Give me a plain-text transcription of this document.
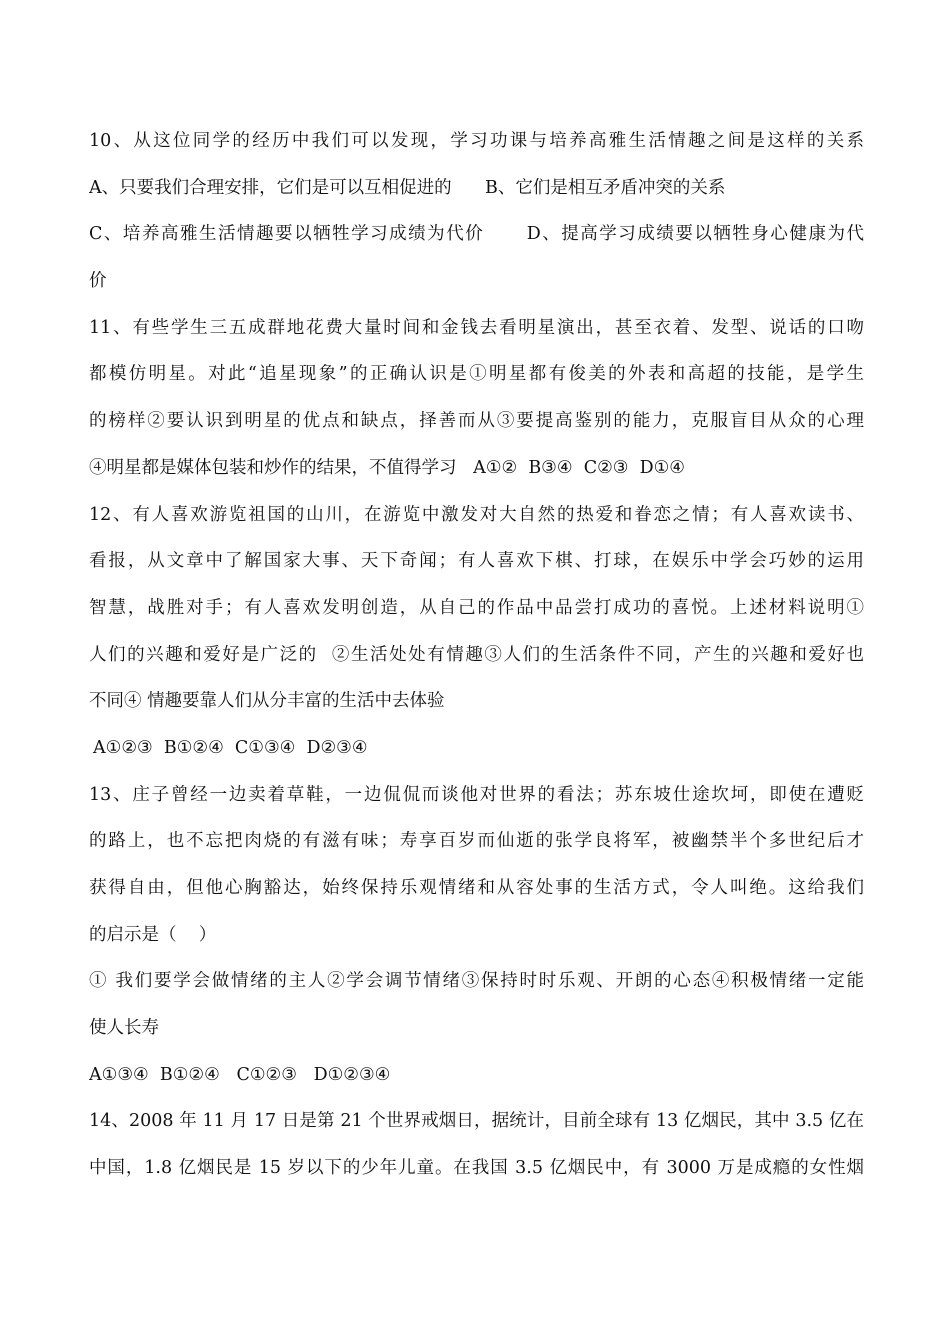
10、从这位同学的经历中我们可以发现，学习功课与培养高雅生活情趣之间是这样的关系
A、只要我们合理安排，它们是可以互相促进的      B、它们是相互矛盾冲突的关系
C、培养高雅生活情趣要以牺牲学习成绩为代价      D、提高学习成绩要以牺牲身心健康为代
价
11、有些学生三五成群地花费大量时间和金钱去看明星演出，甚至衣着、发型、说话的口吻
都模仿明星。对此“追星现象”的正确认识是①明星都有俊美的外表和高超的技能，是学生
的榜样②要认识到明星的优点和缺点，择善而从③要提高鉴别的能力，克服盲目从众的心理
④明星都是媒体包装和炒作的结果，不值得学习   A①②  B③④  C②③  D①④
12、有人喜欢游览祖国的山川，在游览中激发对大自然的热爱和眷恋之情；有人喜欢读书、
看报，从文章中了解国家大事、天下奇闻；有人喜欢下棋、打球，在娱乐中学会巧妙的运用
智慧，战胜对手；有人喜欢发明创造，从自己的作品中品尝打成功的喜悦。上述材料说明①
人们的兴趣和爱好是广泛的  ②生活处处有情趣③人们的生活条件不同，产生的兴趣和爱好也
不同④ 情趣要靠人们从分丰富的生活中去体验
A①②③  B①②④  C①③④  D②③④
13、庄子曾经一边卖着草鞋，一边侃侃而谈他对世界的看法；苏东坡仕途坎坷，即使在遭贬
的路上，也不忘把肉烧的有滋有味；寿享百岁而仙逝的张学良将军，被幽禁半个多世纪后才
获得自由，但他心胸豁达，始终保持乐观情绪和从容处事的生活方式，令人叫绝。这给我们
的启示是（    ）
① 我们要学会做情绪的主人②学会调节情绪③保持时时乐观、开朗的心态④积极情绪一定能
使人长寿
A①③④  B①②④   C①②③   D①②③④
14、2008 年 11 月 17 日是第 21 个世界戒烟日，据统计，目前全球有 13 亿烟民，其中 3.5 亿在
中国，1.8 亿烟民是 15 岁以下的少年儿童。在我国 3.5 亿烟民中，有 3000 万是成瘾的女性烟
